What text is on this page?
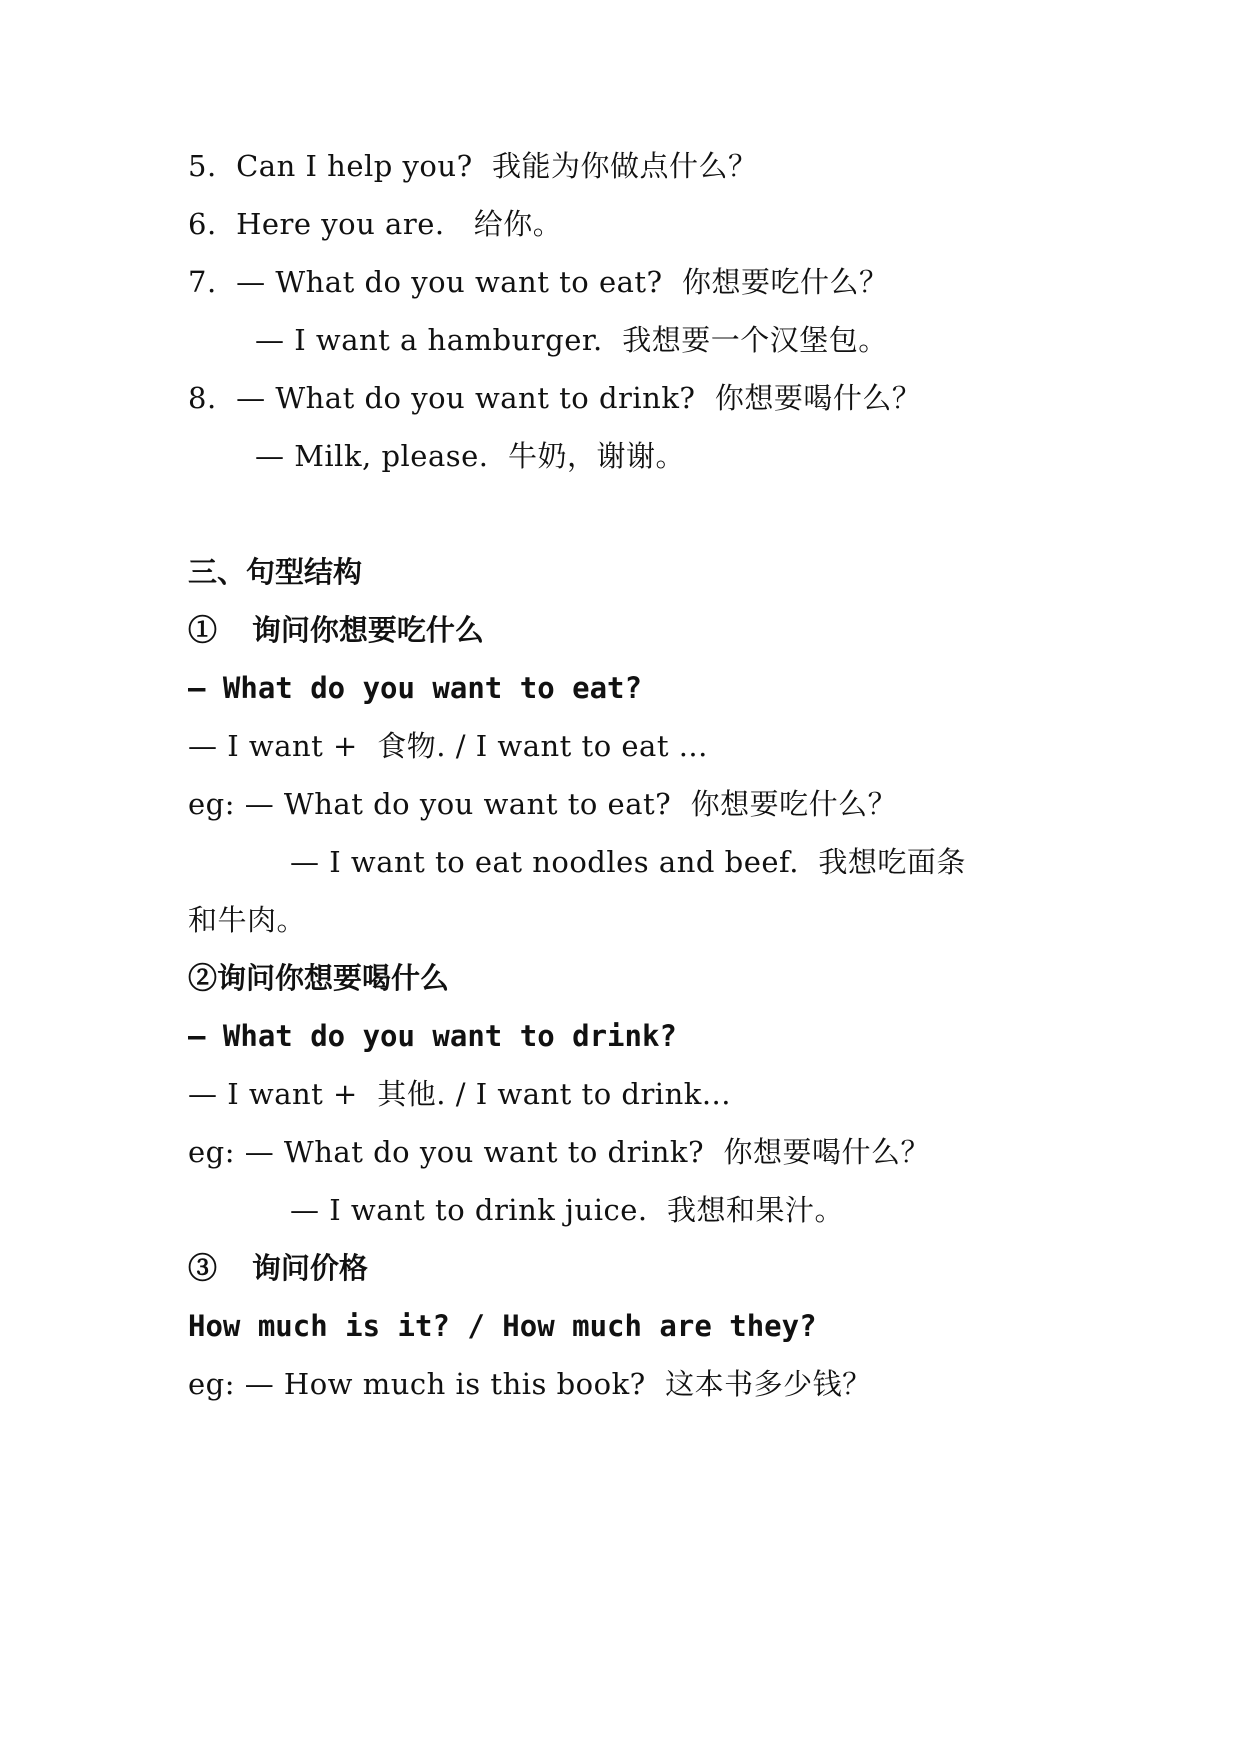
5.  Can I help you?  我能为你做点什么？
6.  Here you are.   给你。
7.  — What do you want to eat?  你想要吃什么？
— I want a hamburger.  我想要一个汉堡包。
8.  — What do you want to drink?  你想要喝什么？
— Milk, please.  牛奶，谢谢。
三、句型结构
①  询问你想要吃什么
— What do you want to eat?
— I want +  食物. / I want to eat ...
eg: — What do you want to eat?  你想要吃什么？
— I want to eat noodles and beef.  我想吃面条
和牛肉。
②询问你想要喝什么
— What do you want to drink?
— I want +  其他. / I want to drink...
eg: — What do you want to drink?  你想要喝什么？
— I want to drink juice.  我想和果汁。
③  询问价格
How much is it? / How much are they?
eg: — How much is this book?  这本书多少钱？
